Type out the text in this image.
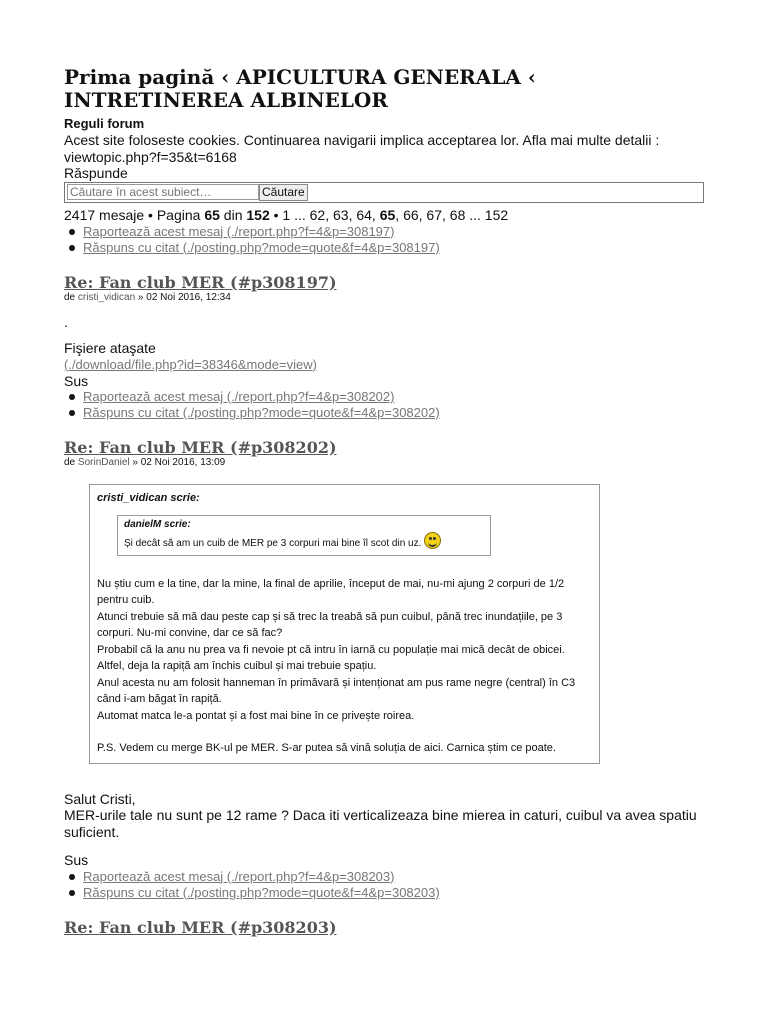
Prima pagină ‹ APICULTURA GENERALA ‹ INTRETINEREA ALBINELOR
Reguli forum
Acest site foloseste cookies. Continuarea navigarii implica acceptarea lor. Afla mai multe detalii : viewtopic.php?f=35&t=6168
Răspunde
Căutare în acest subiect…
Căutare
2417 mesaje • Pagina 65 din 152 • 1 ... 62, 63, 64, 65, 66, 67, 68 ... 152
Raportează acest mesaj (./report.php?f=4&p=308197)
Răspuns cu citat (./posting.php?mode=quote&f=4&p=308197)
Re: Fan club MER (#p308197)
de cristi_vidican » 02 Noi 2016, 12:34
.
Fişiere ataşate
(./download/file.php?id=38346&mode=view)
Sus
Raportează acest mesaj (./report.php?f=4&p=308202)
Răspuns cu citat (./posting.php?mode=quote&f=4&p=308202)
Re: Fan club MER (#p308202)
de SorinDaniel » 02 Noi 2016, 13:09
cristi_vidican scrie:
danielM scrie:
Și decât să am un cuib de MER pe 3 corpuri mai bine îl scot din uz.
Nu știu cum e la tine, dar la mine, la final de aprilie, început de mai, nu-mi ajung 2 corpuri de 1/2 pentru cuib.
Atunci trebuie să mă dau peste cap și să trec la treabă să pun cuibul, până trec inundațiile, pe 3 corpuri. Nu-mi convine, dar ce să fac?
Probabil că la anu nu prea va fi nevoie pt că intru în iarnă cu populație mai mică decât de obicei.
Altfel, deja la rapiță am închis cuibul și mai trebuie spațiu.
Anul acesta nu am folosit hanneman în primăvară și intenționat am pus rame negre (central) în C3 când i-am băgat în rapiță.
Automat matca le-a pontat și a fost mai bine în ce privește roirea.
P.S. Vedem cu merge BK-ul pe MER. S-ar putea să vină soluția de aici. Carnica știm ce poate.
Salut Cristi,
MER-urile tale nu sunt pe 12 rame ? Daca iti verticalizeaza bine mierea in caturi, cuibul va avea spatiu suficient.
Sus
Raportează acest mesaj (./report.php?f=4&p=308203)
Răspuns cu citat (./posting.php?mode=quote&f=4&p=308203)
Re: Fan club MER (#p308203)
